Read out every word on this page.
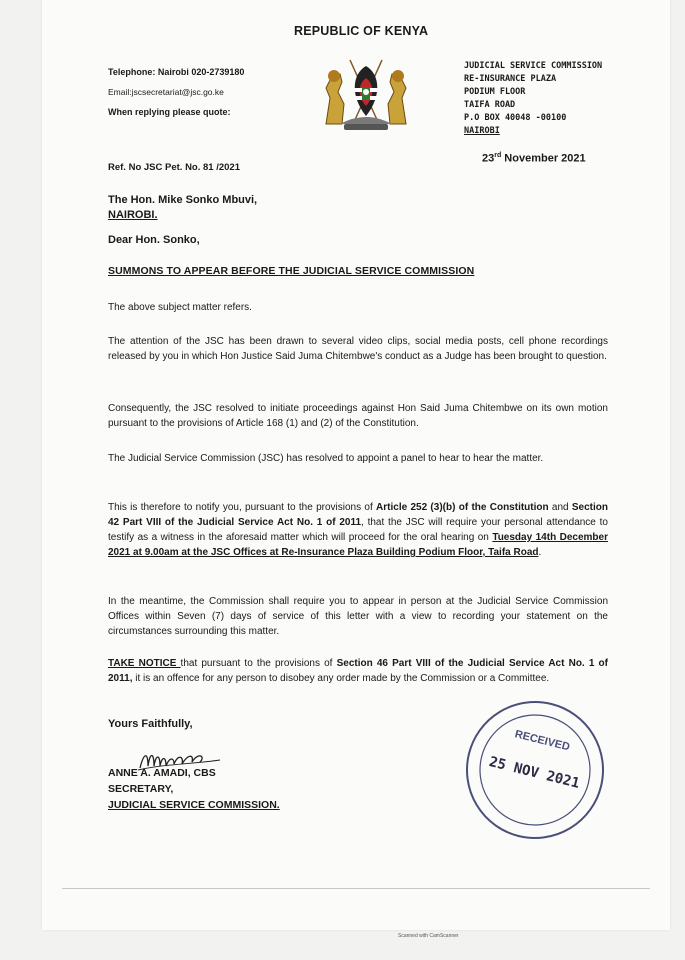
REPUBLIC OF KENYA
Telephone: Nairobi 020-2739180
Email:jscsecretariat@jsc.go.ke
When replying please quote:
JUDICIAL SERVICE COMMISSION
RE-INSURANCE PLAZA
PODIUM FLOOR
TAIFA ROAD
P.O BOX 40048 -00100
NAIROBI
23rd November 2021
Ref. No JSC Pet. No. 81 /2021
The Hon. Mike Sonko Mbuvi,
NAIROBI.
Dear Hon. Sonko,
SUMMONS TO APPEAR BEFORE THE JUDICIAL SERVICE COMMISSION
The above subject matter refers.
The attention of the JSC has been drawn to several video clips, social media posts, cell phone recordings released by you in which Hon Justice Said Juma Chitembwe's conduct as a Judge has been brought to question.
Consequently, the JSC resolved to initiate proceedings against Hon Said Juma Chitembwe on its own motion pursuant to the provisions of Article 168 (1) and (2) of the Constitution.
The Judicial Service Commission (JSC) has resolved to appoint a panel to hear to hear the matter.
This is therefore to notify you, pursuant to the provisions of Article 252 (3)(b) of the Constitution and Section 42 Part VIII of the Judicial Service Act No. 1 of 2011, that the JSC will require your personal attendance to testify as a witness in the aforesaid matter which will proceed for the oral hearing on Tuesday 14th December 2021 at 9.00am at the JSC Offices at Re-Insurance Plaza Building Podium Floor, Taifa Road.
In the meantime, the Commission shall require you to appear in person at the Judicial Service Commission Offices within Seven (7) days of service of this letter with a view to recording your statement on the circumstances surrounding this matter.
TAKE NOTICE that pursuant to the provisions of Section 46 Part VIII of the Judicial Service Act No. 1 of 2011, it is an offence for any person to disobey any order made by the Commission or a Committee.
Yours Faithfully,
ANNE A. AMADI, CBS
SECRETARY,
JUDICIAL SERVICE COMMISSION.
RECEIVED
25 NOV 2021
Scanned with CamScanner
